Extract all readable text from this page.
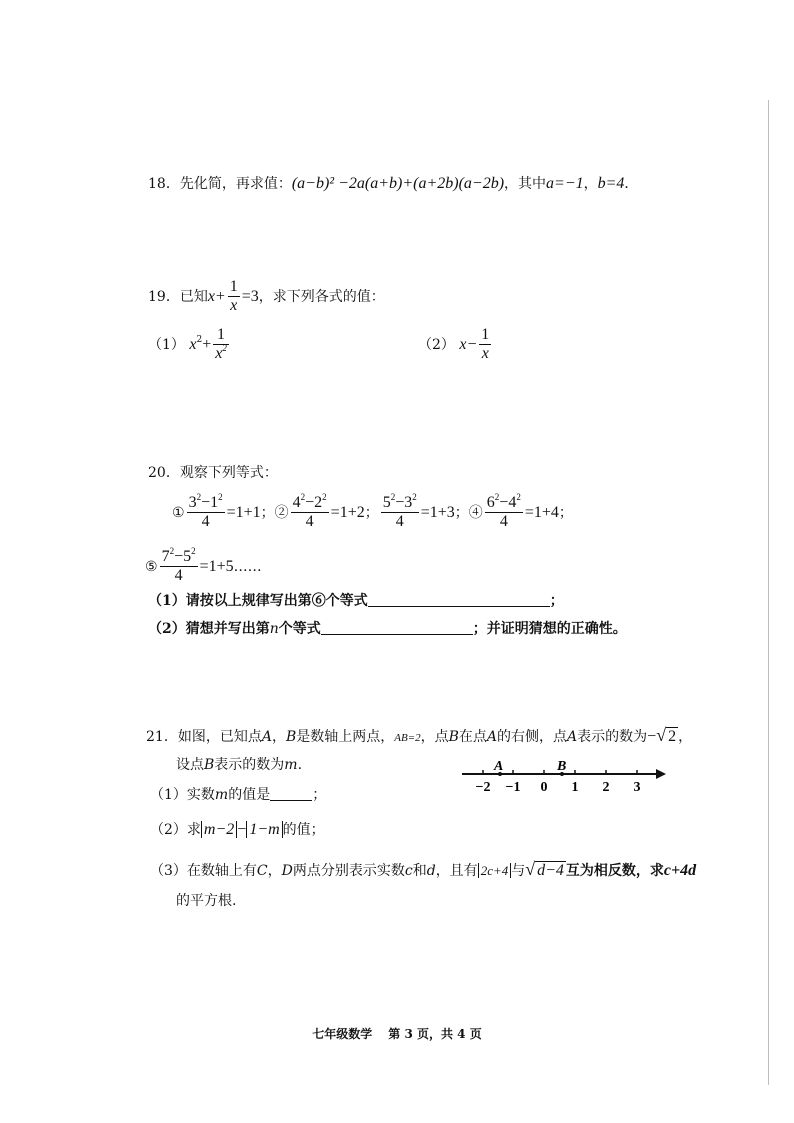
18．先化简，再求值：(a−b)² −2a(a+b)+(a+2b)(a−2b)，其中a=−1，b=4．
19．已知$x+ \frac{1}{x} =3$，求下列各式的值：
（1） $x^2+ \frac{1}{x^2}$	（2） $x- \frac{1}{x}$
20．观察下列等式：
① $\frac{3^2-1^2}{4} =1+1$；② $\frac{4^2-2^2}{4} =1+2$； $\frac{5^2-3^2}{4} =1+3$；④ $\frac{6^2-4^2}{4} =1+4$；
⑤ $\frac{7^2-5^2}{4}$ =1+5……
（1）请按以上规律写出第⑥个等式	；
（2）猜想并写出第n个等式	；并证明猜想的正确性。
21．如图，已知点A，B是数轴上两点，AB=2，点B在点A的右侧，点A表示的数为−√ 2 ，
设点B表示的数为m.
（1）实数m的值是	；
（2）求 m−2 − 1−m 的值；
（3）在数轴上有C，D两点分别表示实数c和d，且有 2c+4 与√ d−4 互为相反数，求c+4d
的平方根.
A	B
−2 −1 0 1 2 3
七年级数学 第 3 页，共 4 页
